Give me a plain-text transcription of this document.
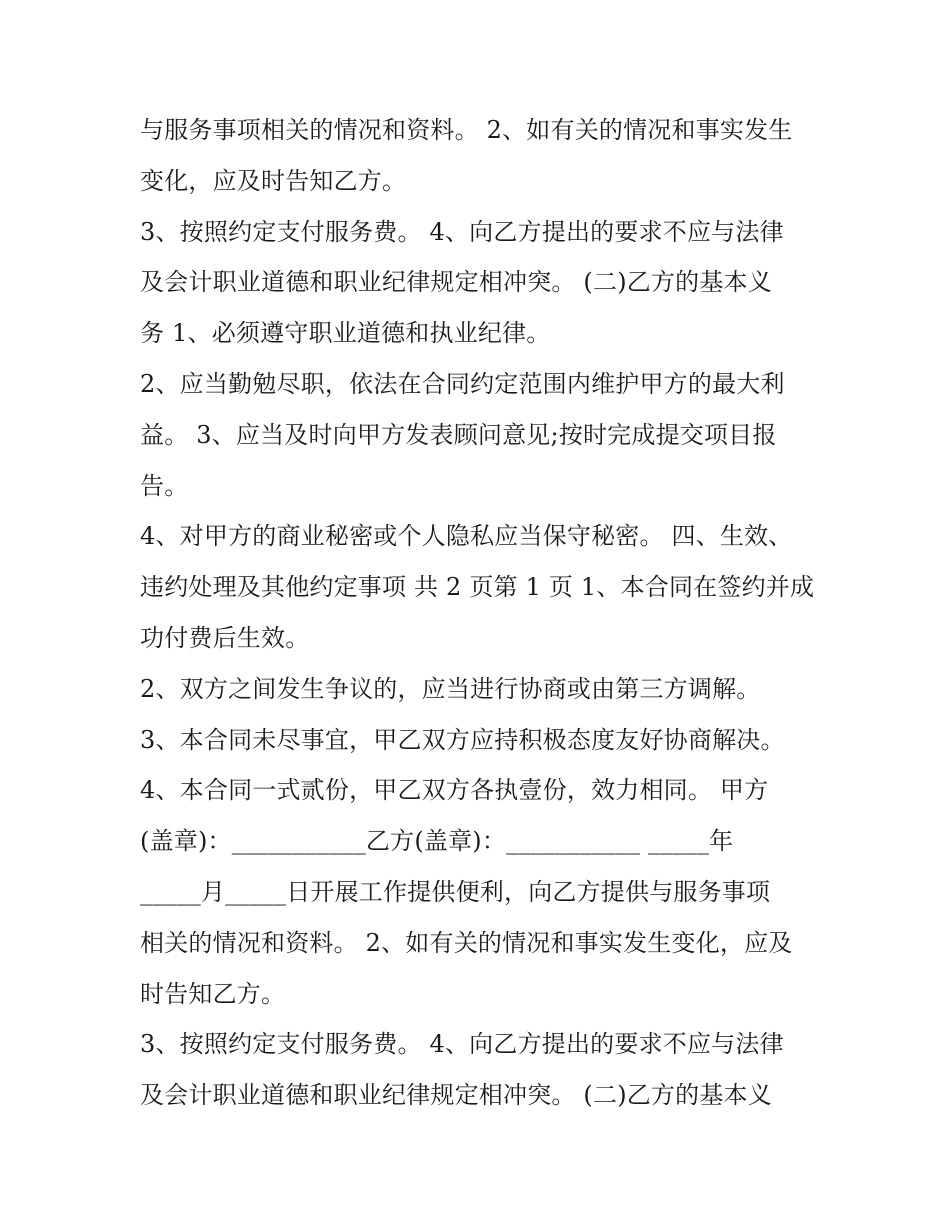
与服务事项相关的情况和资料。 2、如有关的情况和事实发生
变化，应及时告知乙方。
3、按照约定支付服务费。 4、向乙方提出的要求不应与法律
及会计职业道德和职业纪律规定相冲突。 (二)乙方的基本义
务 1、必须遵守职业道德和执业纪律。
2、应当勤勉尽职，依法在合同约定范围内维护甲方的最大利
益。 3、应当及时向甲方发表顾问意见;按时完成提交项目报
告。
4、对甲方的商业秘密或个人隐私应当保守秘密。 四、生效、
违约处理及其他约定事项 共 2 页第 1 页 1、本合同在签约并成
功付费后生效。
2、双方之间发生争议的，应当进行协商或由第三方调解。
3、本合同未尽事宜，甲乙双方应持积极态度友好协商解决。
4、本合同一式贰份，甲乙双方各执壹份，效力相同。 甲方
(盖章)：___________乙方(盖章)：___________ _____年
_____月_____日开展工作提供便利，向乙方提供与服务事项
相关的情况和资料。 2、如有关的情况和事实发生变化，应及
时告知乙方。
3、按照约定支付服务费。 4、向乙方提出的要求不应与法律
及会计职业道德和职业纪律规定相冲突。 (二)乙方的基本义
